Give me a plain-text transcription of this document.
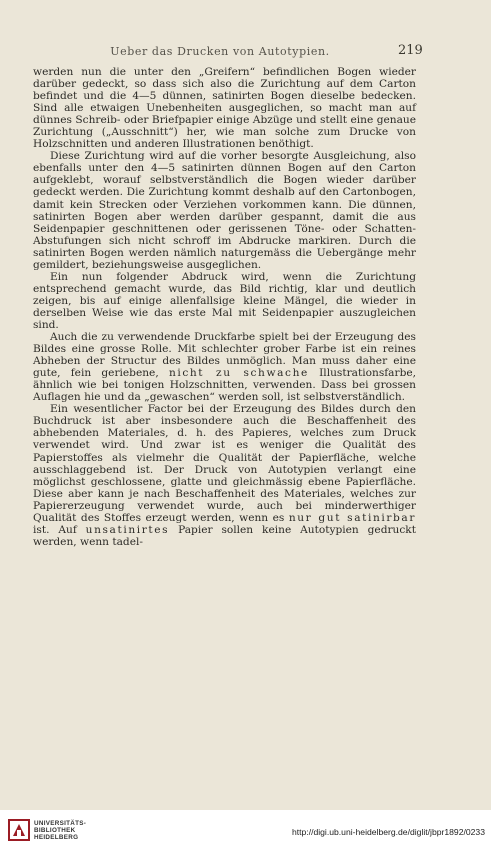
Ueber das Drucken von Autotypien.	219

werden nun die unter den „Greifern“ befindlichen Bogen wieder darüber gedeckt, so dass sich also die Zurichtung auf dem Carton befindet und die 4—5 dünnen, satinirten Bogen dieselbe bedecken. Sind alle etwaigen Unebenheiten ausgeglichen, so macht man auf dünnes Schreib- oder Briefpapier einige Abzüge und stellt eine genaue Zurichtung („Ausschnitt“) her, wie man solche zum Drucke von Holzschnitten und anderen Illustrationen benöthigt.

Diese Zurichtung wird auf die vorher besorgte Ausgleichung, also ebenfalls unter den 4—5 satinirten dünnen Bogen auf den Carton aufgeklebt, worauf selbstverständlich die Bogen wieder darüber gedeckt werden. Die Zurichtung kommt deshalb auf den Cartonbogen, damit kein Strecken oder Verziehen vorkommen kann. Die dünnen, satinirten Bogen aber werden darüber gespannt, damit die aus Seidenpapier geschnittenen oder gerissenen Töne- oder Schatten-Abstufungen sich nicht schroff im Abdrucke markiren. Durch die satinirten Bogen werden nämlich naturgemäss die Uebergänge mehr gemildert, beziehungsweise ausgeglichen.

Ein nun folgender Abdruck wird, wenn die Zurichtung entsprechend gemacht wurde, das Bild richtig, klar und deutlich zeigen, bis auf einige allenfallsige kleine Mängel, die wieder in derselben Weise wie das erste Mal mit Seidenpapier auszugleichen sind.

Auch die zu verwendende Druckfarbe spielt bei der Erzeugung des Bildes eine grosse Rolle. Mit schlechter grober Farbe ist ein reines Abheben der Structur des Bildes unmöglich. Man muss daher eine gute, fein geriebene, nicht zu schwache Illustrationsfarbe, ähnlich wie bei tonigen Holzschnitten, verwenden. Dass bei grossen Auflagen hie und da „gewaschen“ werden soll, ist selbstverständlich.

Ein wesentlicher Factor bei der Erzeugung des Bildes durch den Buchdruck ist aber insbesondere auch die Beschaffenheit des abhebenden Materiales, d. h. des Papieres, welches zum Druck verwendet wird. Und zwar ist es weniger die Qualität des Papierstoffes als vielmehr die Qualität der Papierfläche, welche ausschlaggebend ist. Der Druck von Autotypien verlangt eine möglichst geschlossene, glatte und gleichmässig ebene Papierfläche. Diese aber kann je nach Beschaffenheit des Materiales, welches zur Papiererzeugung verwendet wurde, auch bei minderwerthiger Qualität des Stoffes erzeugt werden, wenn es nur gut satinirbar ist. Auf unsatinirtes Papier sollen keine Autotypien gedruckt werden, wenn tadel-

UNIVERSITÄTS-
BIBLIOTHEK
HEIDELBERG
http://digi.ub.uni-heidelberg.de/diglit/jbpr1892/0233
